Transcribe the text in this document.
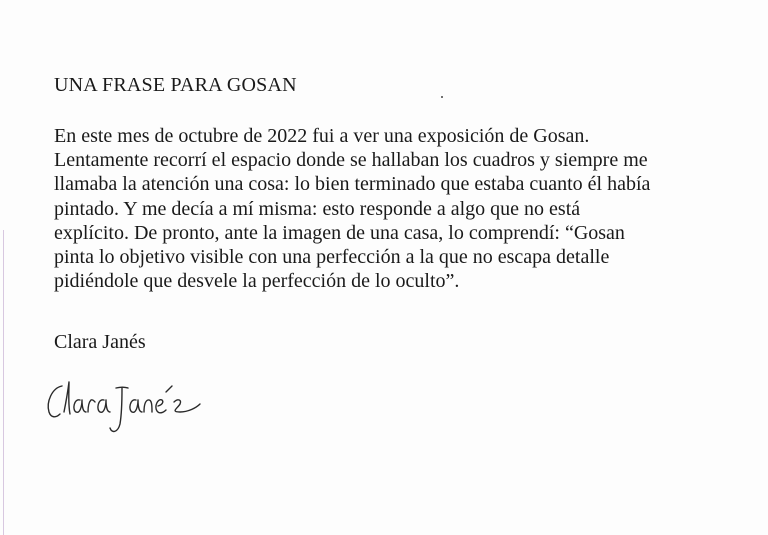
UNA FRASE PARA GOSAN
En este mes de octubre de 2022 fui a ver una exposición de Gosan.
Lentamente recorrí el espacio donde se hallaban los cuadros y siempre me
llamaba la atención una cosa: lo bien terminado que estaba cuanto él había
pintado. Y me decía a mí misma: esto responde a algo que no está
explícito. De pronto, ante la imagen de una casa, lo comprendí: “Gosan
pinta lo objetivo visible con una perfección a la que no escapa detalle
pidiéndole que desvele la perfección de lo oculto”.
Clara Janés
